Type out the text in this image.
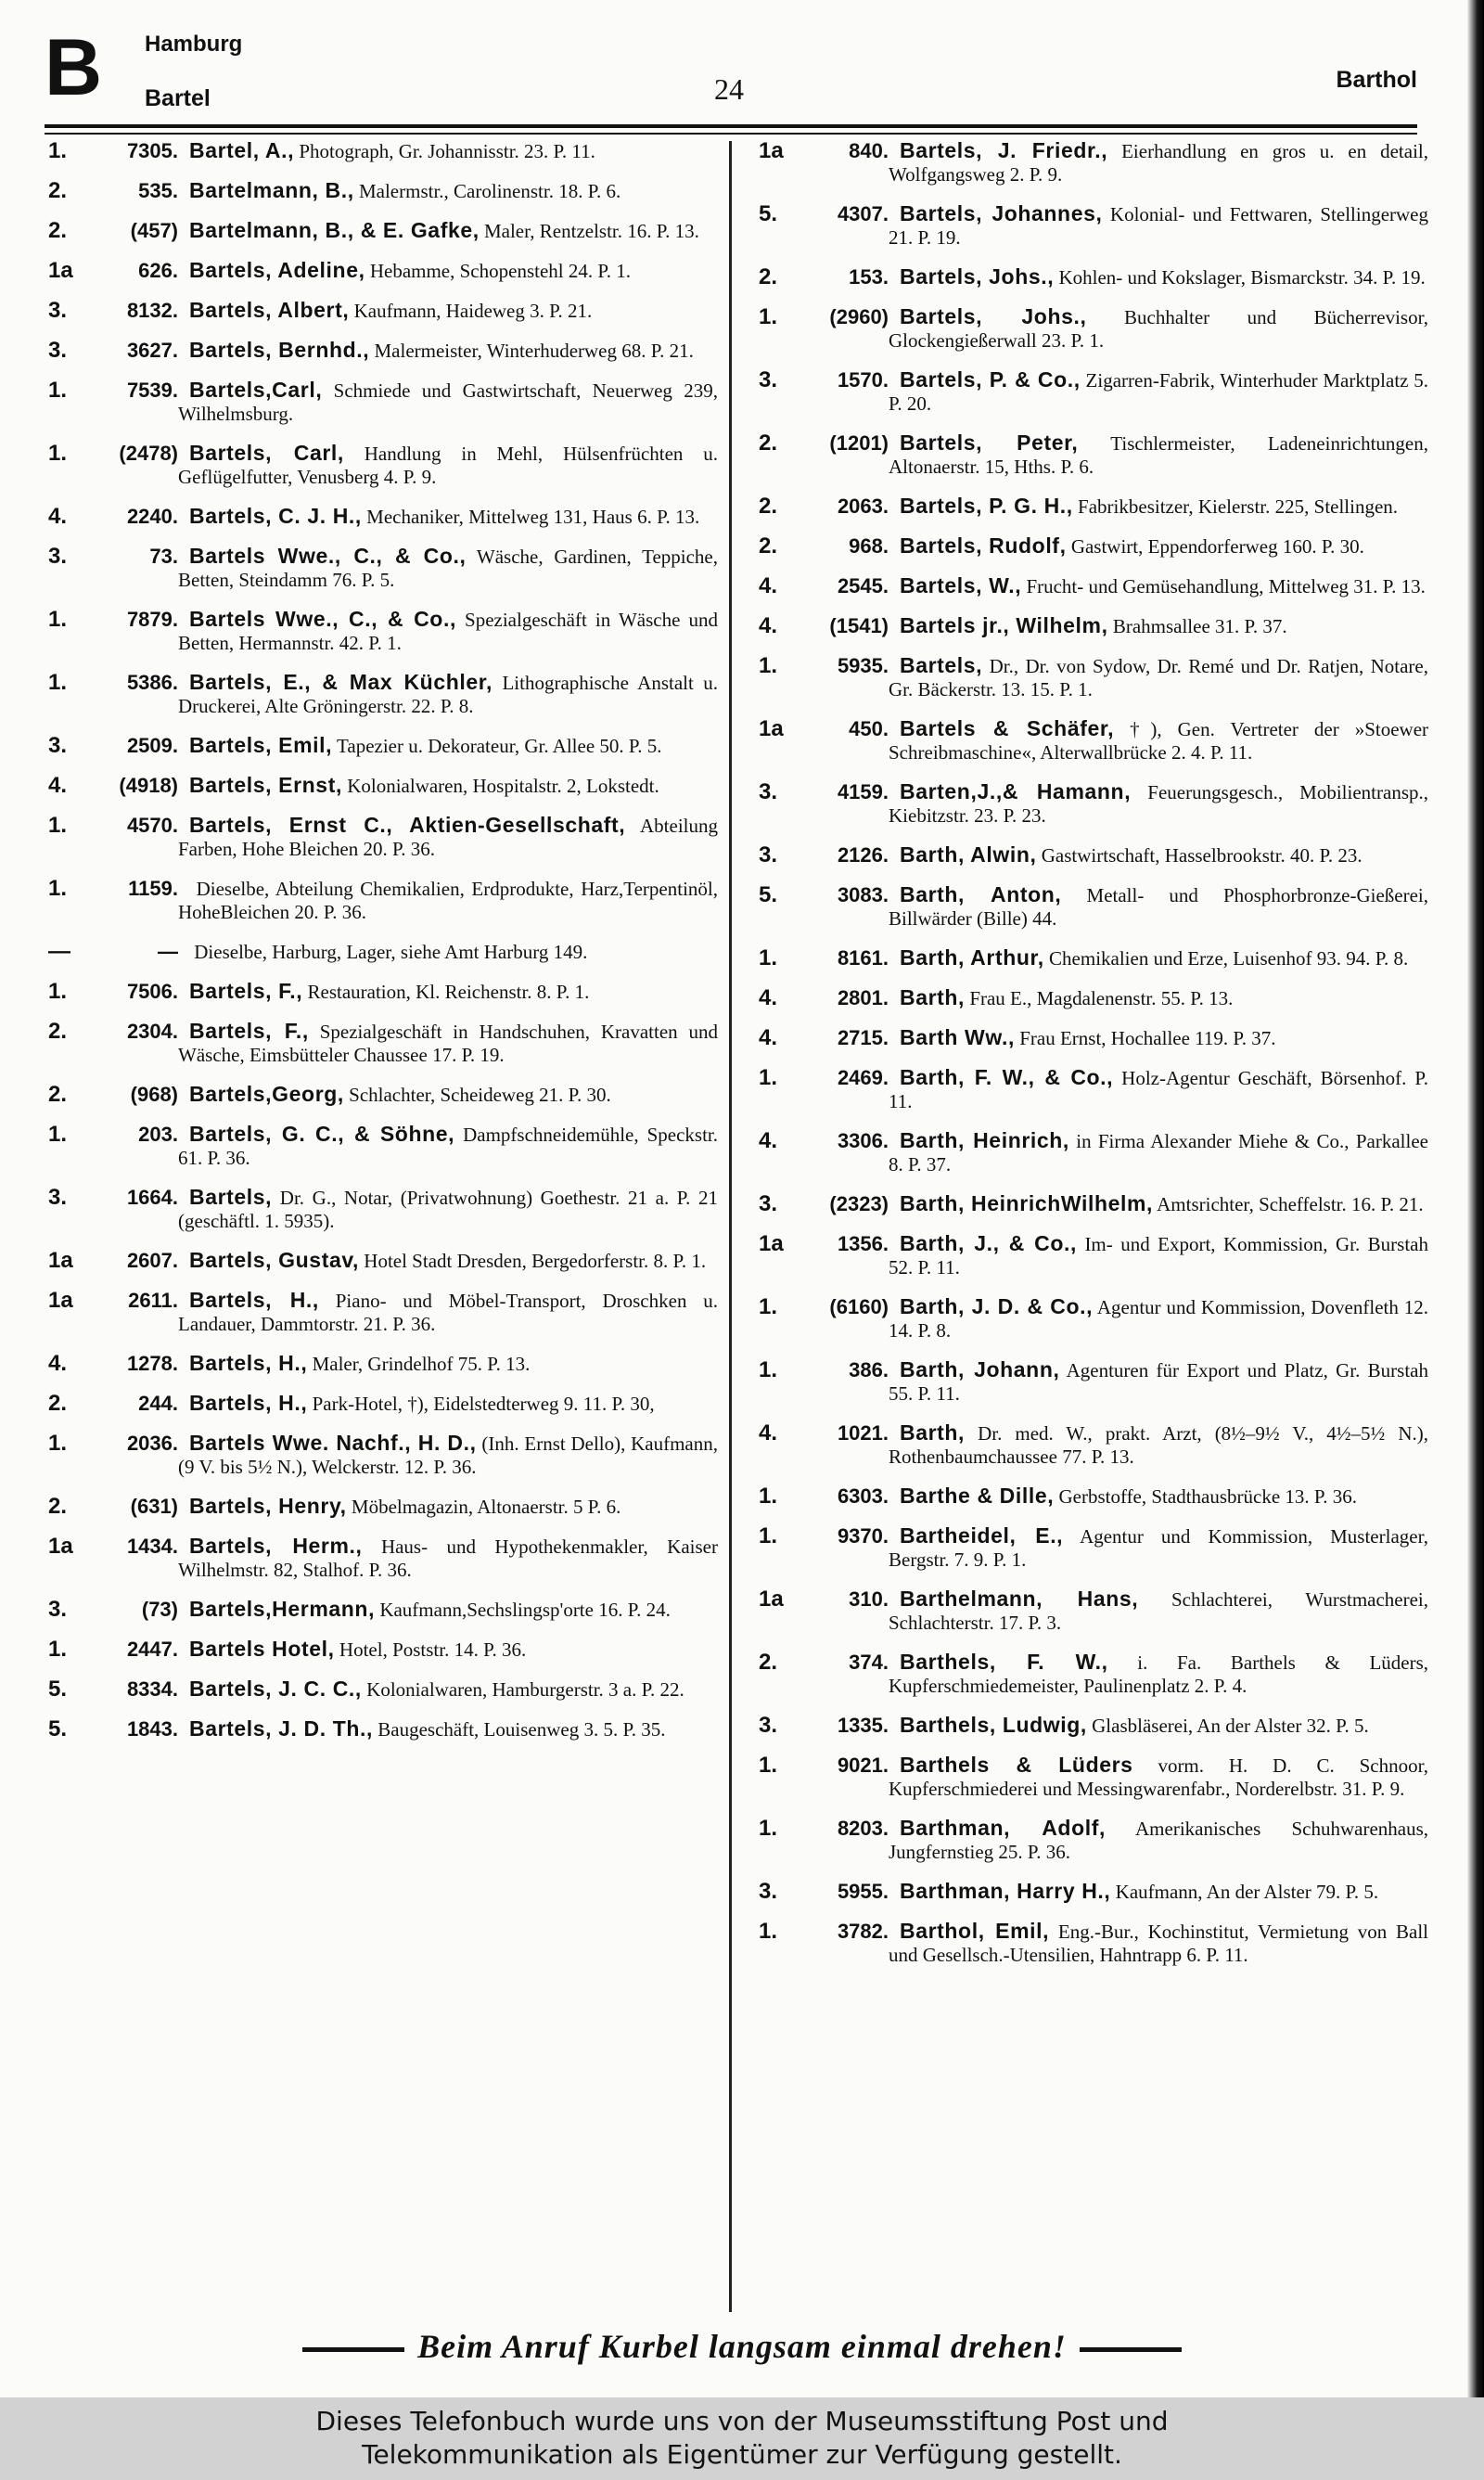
B Hamburg
Bartel	24	Barthol
1.	7305. Bartel, A., Photograph, Gr. Johannisstr. 23. P. 11.
2.	535. Bartelmann, B., Malermstr., Carolinenstr. 18. P. 6.
2.	(457) Bartelmann, B., & E. Gafke, Maler, Rentzelstr. 16. P. 13.
1a	626. Bartels, Adeline, Hebamme, Schopenstehl 24. P. 1.
3.	8132. Bartels, Albert, Kaufmann, Haideweg 3. P. 21.
3.	3627. Bartels, Bernhd., Malermeister, Winterhuderweg 68. P. 21.
1.	7539. Bartels,Carl, Schmiede und Gastwirtschaft, Neuerweg 239, Wilhelmsburg.
1.	(2478) Bartels, Carl, Handlung in Mehl, Hülsenfrüchten u. Geflügelfutter, Venusberg 4. P. 9.
4.	2240. Bartels, C. J. H., Mechaniker, Mittelweg 131, Haus 6. P. 13.
3.	73. Bartels Wwe., C., & Co., Wäsche, Gardinen, Teppiche, Betten, Steindamm 76. P. 5.
1.	7879. Bartels Wwe., C., & Co., Spezialgeschäft in Wäsche und Betten, Hermannstr. 42. P. 1.
1.	5386. Bartels, E., & Max Küchler, Lithographische Anstalt u. Druckerei, Alte Gröningerstr. 22. P. 8.
3.	2509. Bartels, Emil, Tapezier u. Dekorateur, Gr. Allee 50. P. 5.
4.	(4918) Bartels, Ernst, Kolonialwaren, Hospitalstr. 2, Lokstedt.
1.	4570. Bartels, Ernst C., Aktien-Gesellschaft, Abteilung Farben, Hohe Bleichen 20. P. 36.
1.	1159. Dieselbe, Abteilung Chemikalien, Erdprodukte, Harz,Terpentinöl, HoheBleichen 20. P. 36.
—	— Dieselbe, Harburg, Lager, siehe Amt Harburg 149.
1.	7506. Bartels, F., Restauration, Kl. Reichenstr. 8. P. 1.
2.	2304. Bartels, F., Spezialgeschäft in Handschuhen, Kravatten und Wäsche, Eimsbütteler Chaussee 17. P. 19.
2.	(968) Bartels,Georg, Schlachter, Scheideweg 21. P. 30.
1.	203. Bartels, G. C., & Söhne, Dampfschneidemühle, Speckstr. 61. P. 36.
3.	1664. Bartels, Dr. G., Notar, (Privatwohnung) Goethestr. 21 a. P. 21 (geschäftl. 1. 5935).
1a	2607. Bartels, Gustav, Hotel Stadt Dresden, Bergedorferstr. 8. P. 1.
1a	2611. Bartels, H., Piano- und Möbel-Transport, Droschken u. Landauer, Dammtorstr. 21. P. 36.
4.	1278. Bartels, H., Maler, Grindelhof 75. P. 13.
2.	244. Bartels, H., Park-Hotel, †), Eidelstedterweg 9. 11. P. 30,
1.	2036. Bartels Wwe. Nachf., H. D., (Inh. Ernst Dello), Kaufmann, (9 V. bis 5½ N.), Welckerstr. 12. P. 36.
2.	(631) Bartels, Henry, Möbelmagazin, Altonaerstr. 5 P. 6.
1a	1434. Bartels, Herm., Haus- und Hypothekenmakler, Kaiser Wilhelmstr. 82, Stalhof. P. 36.
3.	(73) Bartels,Hermann, Kaufmann,Sechslingsp'orte 16. P. 24.
1.	2447. Bartels Hotel, Hotel, Poststr. 14. P. 36.
5.	8334. Bartels, J. C. C., Kolonialwaren, Hamburgerstr. 3 a. P. 22.
5.	1843. Bartels, J. D. Th., Baugeschäft, Louisenweg 3. 5. P. 35.
1a	840. Bartels, J. Friedr., Eierhandlung en gros u. en detail, Wolfgangsweg 2. P. 9.
5.	4307. Bartels, Johannes, Kolonial- und Fettwaren, Stellingerweg 21. P. 19.
2.	153. Bartels, Johs., Kohlen- und Kokslager, Bismarckstr. 34. P. 19.
1.	(2960) Bartels, Johs., Buchhalter und Bücherrevisor, Glockengießerwall 23. P. 1.
3.	1570. Bartels, P. & Co., Zigarren-Fabrik, Winterhuder Marktplatz 5. P. 20.
2.	(1201) Bartels, Peter, Tischlermeister, Ladeneinrichtungen, Altonaerstr. 15, Hths. P. 6.
2.	2063. Bartels, P. G. H., Fabrikbesitzer, Kielerstr. 225, Stellingen.
2.	968. Bartels, Rudolf, Gastwirt, Eppendorferweg 160. P. 30.
4.	2545. Bartels, W., Frucht- und Gemüsehandlung, Mittelweg 31. P. 13.
4.	(1541) Bartels jr., Wilhelm, Brahmsallee 31. P. 37.
1.	5935. Bartels, Dr., Dr. von Sydow, Dr. Remé und Dr. Ratjen, Notare, Gr. Bäckerstr. 13. 15. P. 1.
1a	450. Bartels & Schäfer, †), Gen. Vertreter der »Stoewer Schreibmaschine«, Alterwallbrücke 2. 4. P. 11.
3.	4159. Barten,J.,& Hamann, Feuerungsgesch., Mobilientransp., Kiebitzstr. 23. P. 23.
3.	2126. Barth, Alwin, Gastwirtschaft, Hasselbrookstr. 40. P. 23.
5.	3083. Barth, Anton, Metall- und Phosphorbronze-Gießerei, Billwärder (Bille) 44.
1.	8161. Barth, Arthur, Chemikalien und Erze, Luisenhof 93. 94. P. 8.
4.	2801. Barth, Frau E., Magdalenenstr. 55. P. 13.
4.	2715. Barth Ww., Frau Ernst, Hochallee 119. P. 37.
1.	2469. Barth, F. W., & Co., Holz-Agentur Geschäft, Börsenhof. P. 11.
4.	3306. Barth, Heinrich, in Firma Alexander Miehe & Co., Parkallee 8. P. 37.
3.	(2323) Barth, HeinrichWilhelm, Amtsrichter, Scheffelstr. 16. P. 21.
1a	1356. Barth, J., & Co., Im- und Export, Kommission, Gr. Burstah 52. P. 11.
1.	(6160) Barth, J. D. & Co., Agentur und Kommission, Dovenfleth 12. 14. P. 8.
1.	386. Barth, Johann, Agenturen für Export und Platz, Gr. Burstah 55. P. 11.
4.	1021. Barth, Dr. med. W., prakt. Arzt, (8½–9½ V., 4½–5½ N.), Rothenbaumchaussee 77. P. 13.
1.	6303. Barthe & Dille, Gerbstoffe, Stadthausbrücke 13. P. 36.
1.	9370. Bartheidel, E., Agentur und Kommission, Musterlager, Bergstr. 7. 9. P. 1.
1a	310. Barthelmann, Hans, Schlachterei, Wurstmacherei, Schlachterstr. 17. P. 3.
2.	374. Barthels, F. W., i. Fa. Barthels & Lüders, Kupferschmiedemeister, Paulinenplatz 2. P. 4.
3.	1335. Barthels, Ludwig, Glasbläserei, An der Alster 32. P. 5.
1.	9021. Barthels & Lüders vorm. H. D. C. Schnoor, Kupferschmiederei und Messingwarenfabr., Norderelbstr. 31. P. 9.
1.	8203. Barthman, Adolf, Amerikanisches Schuhwarenhaus, Jungfernstieg 25. P. 36.
3.	5955. Barthman, Harry H., Kaufmann, An der Alster 79. P. 5.
1.	3782. Barthol, Emil, Eng.-Bur., Kochinstitut, Vermietung von Ball und Gesellsch.-Utensilien, Hahntrapp 6. P. 11.
Beim Anruf Kurbel langsam einmal drehen!
Dieses Telefonbuch wurde uns von der Museumsstiftung Post und
Telekommunikation als Eigentümer zur Verfügung gestellt.
